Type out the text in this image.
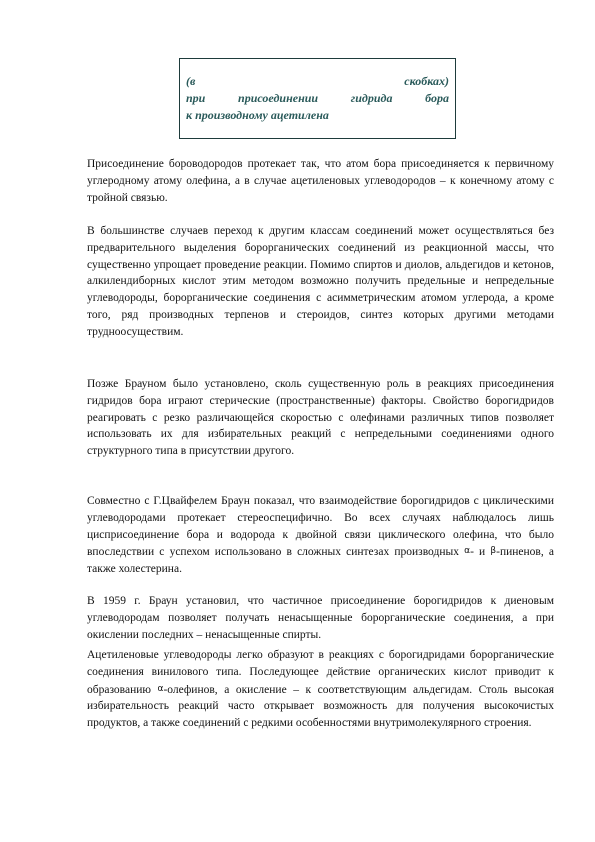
(в	скобках)
при присоединении гидрида бора
к производному ацетилена

Присоединение бороводородов протекает так, что атом бора присоединяется к первичному углеродному атому олефина, а в случае ацетиленовых углеводородов – к конечному атому с тройной связью.

В большинстве случаев переход к другим классам соединений может осуществляться без предварительного выделения борорганических соединений из реакционной массы, что существенно упрощает проведение реакции. Помимо спиртов и диолов, альдегидов и кетонов, алкилендиборных кислот этим методом возможно получить предельные и непредельные углеводороды, борорганические соединения с асимметрическим атомом углерода, а кроме того, ряд производных терпенов и стероидов, синтез которых другими методами трудноосуществим.

Позже Брауном было установлено, сколь существенную роль в реакциях присоединения гидридов бора играют стерические (пространственные) факторы. Свойство борогидридов реагировать с резко различающейся скоростью с олефинами различных типов позволяет использовать их для избирательных реакций с непредельными соединениями одного структурного типа в присутствии другого.

Совместно с Г.Цвайфелем Браун показал, что взаимодействие борогидридов с циклическими углеводородами протекает стереоспецифично. Во всех случаях наблюдалось лишь цисприсоединение бора и водорода к двойной связи циклического олефина, что было впоследствии с успехом использовано в сложных синтезах производных α- и β-пиненов, а также холестерина.

В 1959 г. Браун установил, что частичное присоединение борогидридов к диеновым углеводородам позволяет получать ненасыщенные борорганические соединения, а при окислении последних – ненасыщенные спирты.

Ацетиленовые углеводороды легко образуют в реакциях с борогидридами борорганические соединения винилового типа. Последующее действие органических кислот приводит к образованию α-олефинов, а окисление – к соответствующим альдегидам. Столь высокая избирательность реакций часто открывает возможность для получения высокочистых продуктов, а также соединений с редкими особенностями внутримолекулярного строения.
